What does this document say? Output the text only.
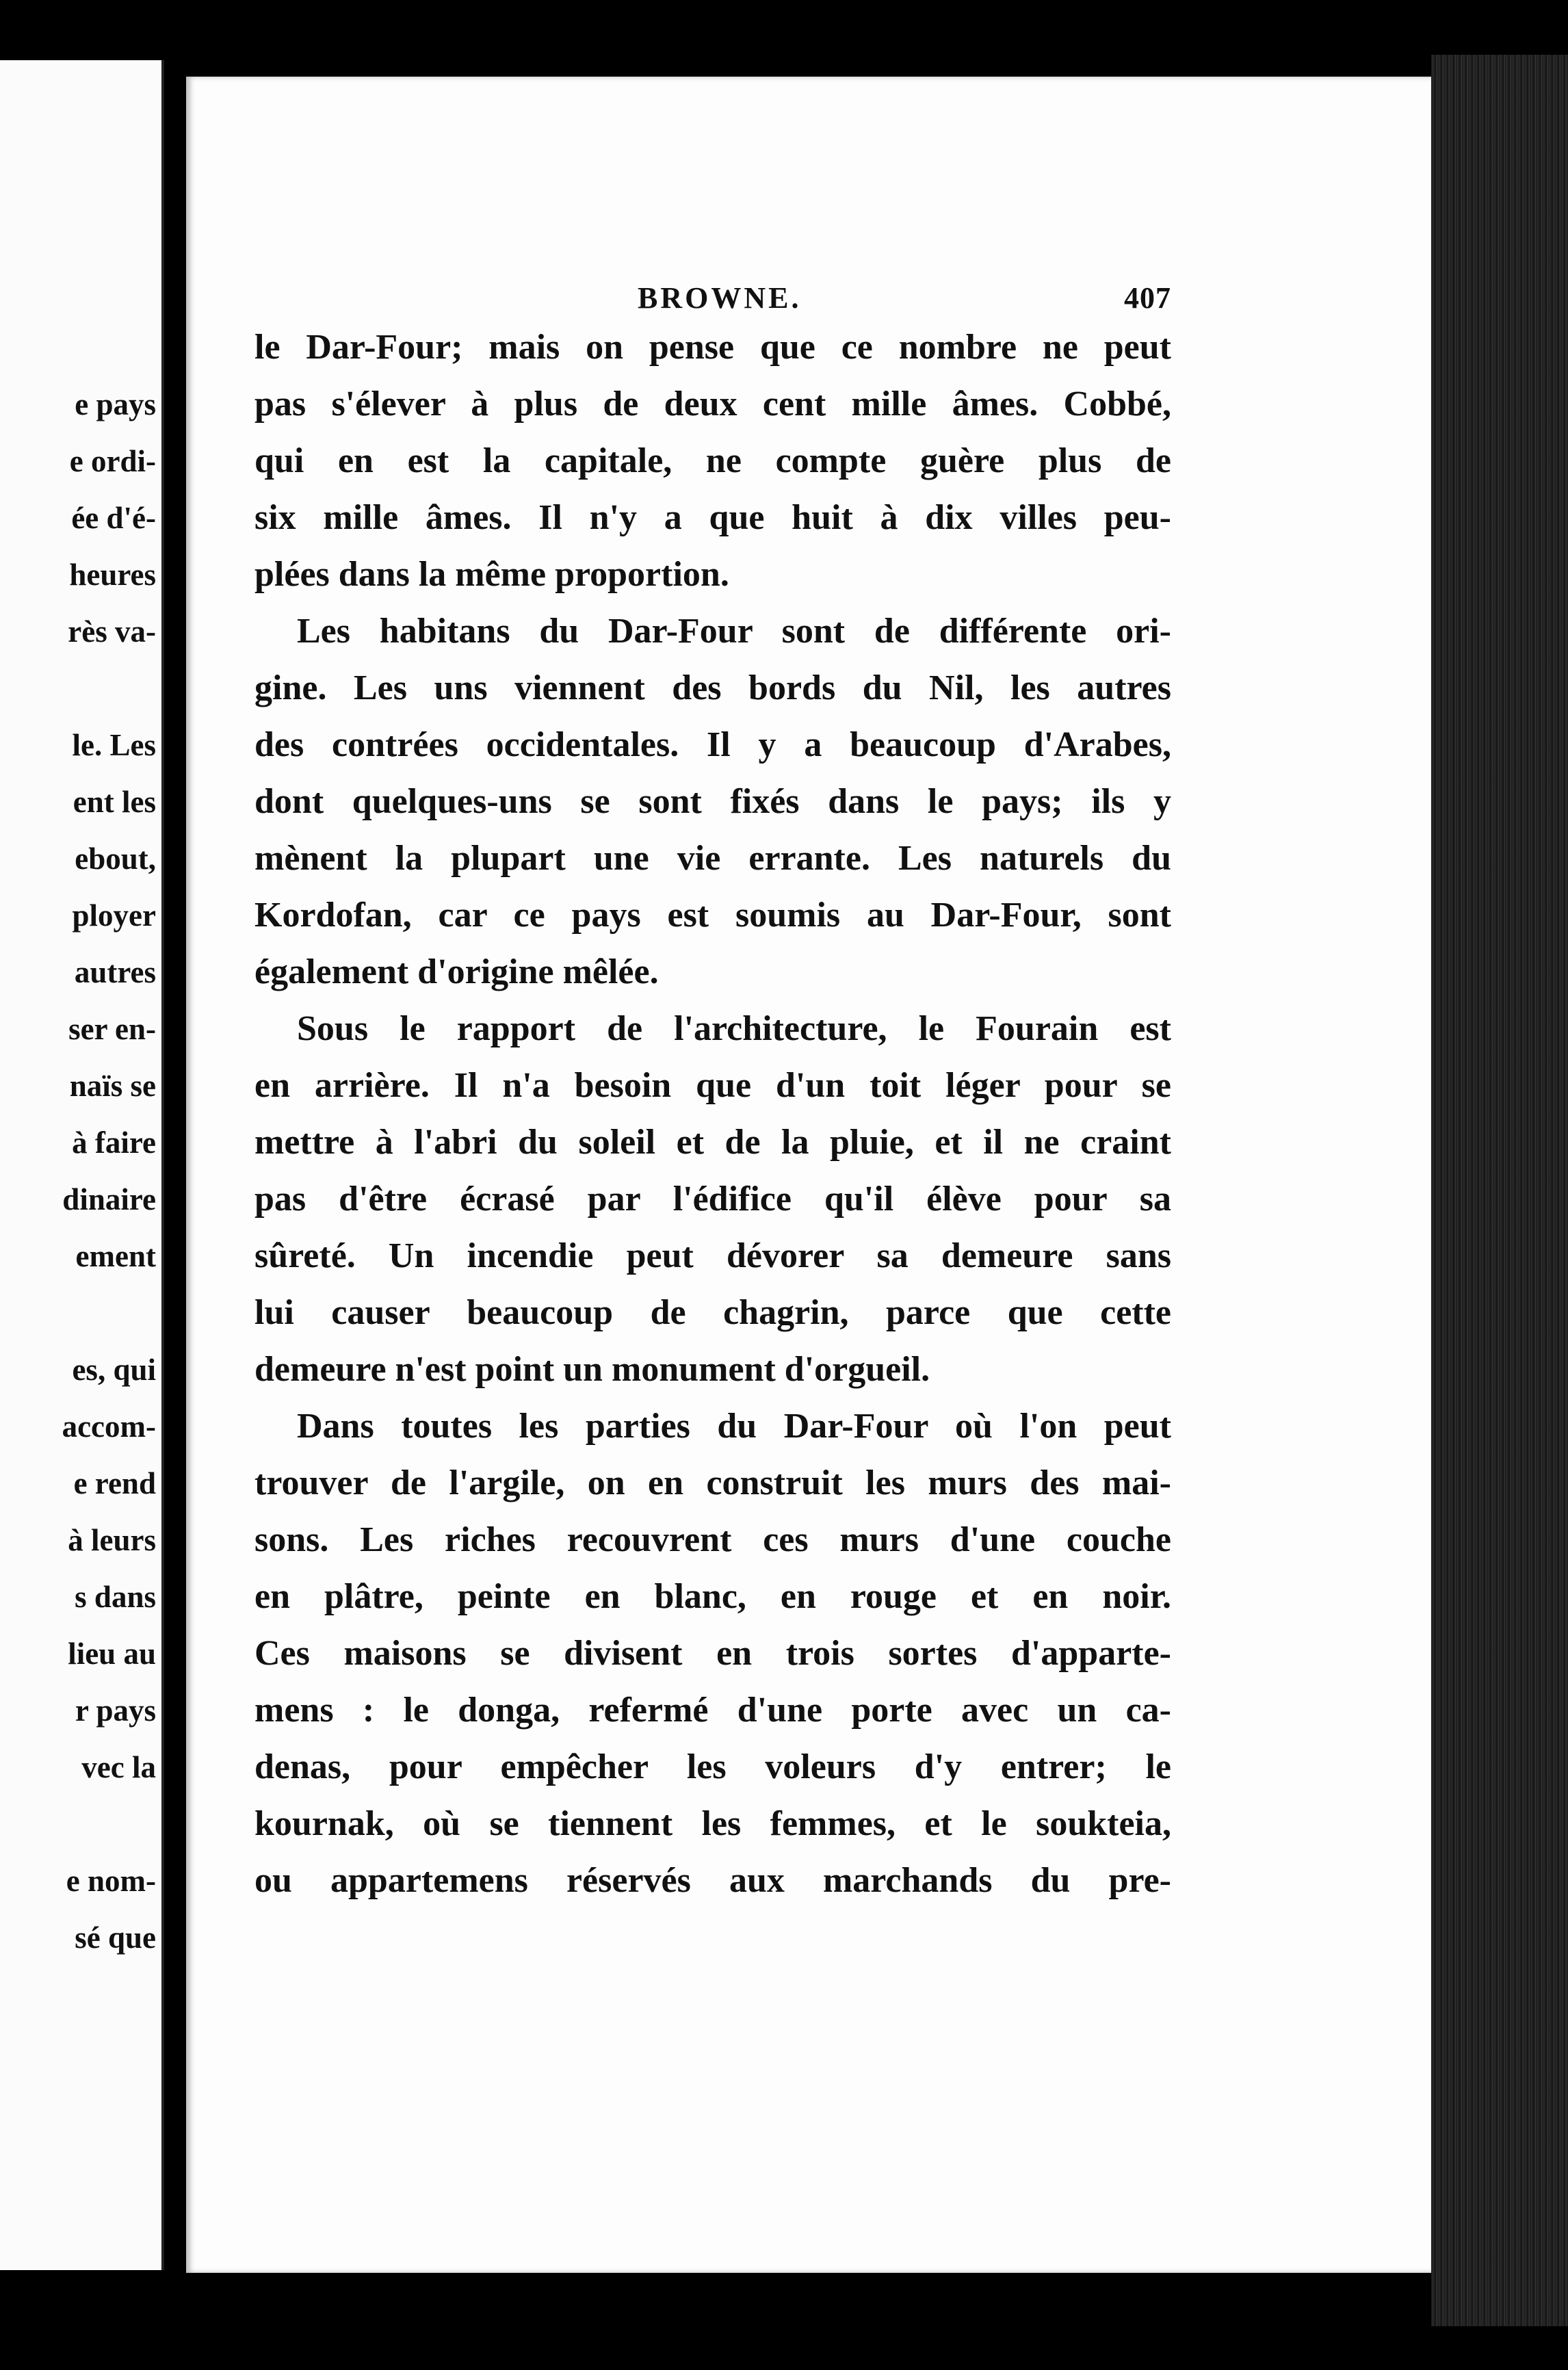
e pays
e ordi-
ée d'é-
heures
rès va-
le. Les
ent les
ebout,
ployer
autres
ser en-
naïs se
à faire
dinaire
ement
es, qui
accom-
e rend
à leurs
s dans
lieu au
r pays
vec la
e nom-
sé que
BROWNE.	407
le Dar-Four; mais on pense que ce nombre ne peut
pas s'élever à plus de deux cent mille âmes. Cobbé,
qui en est la capitale, ne compte guère plus de
six mille âmes. Il n'y a que huit à dix villes peu-
plées dans la même proportion.
Les habitans du Dar-Four sont de différente ori-
gine. Les uns viennent des bords du Nil, les autres
des contrées occidentales. Il y a beaucoup d'Arabes,
dont quelques-uns se sont fixés dans le pays; ils y
mènent la plupart une vie errante. Les naturels du
Kordofan, car ce pays est soumis au Dar-Four, sont
également d'origine mêlée.
Sous le rapport de l'architecture, le Fourain est
en arrière. Il n'a besoin que d'un toit léger pour se
mettre à l'abri du soleil et de la pluie, et il ne craint
pas d'être écrasé par l'édifice qu'il élève pour sa
sûreté. Un incendie peut dévorer sa demeure sans
lui causer beaucoup de chagrin, parce que cette
demeure n'est point un monument d'orgueil.
Dans toutes les parties du Dar-Four où l'on peut
trouver de l'argile, on en construit les murs des mai-
sons. Les riches recouvrent ces murs d'une couche
en plâtre, peinte en blanc, en rouge et en noir.
Ces maisons se divisent en trois sortes d'apparte-
mens : le donga, refermé d'une porte avec un ca-
denas, pour empêcher les voleurs d'y entrer; le
kournak, où se tiennent les femmes, et le soukteia,
ou appartemens réservés aux marchands du pre-
